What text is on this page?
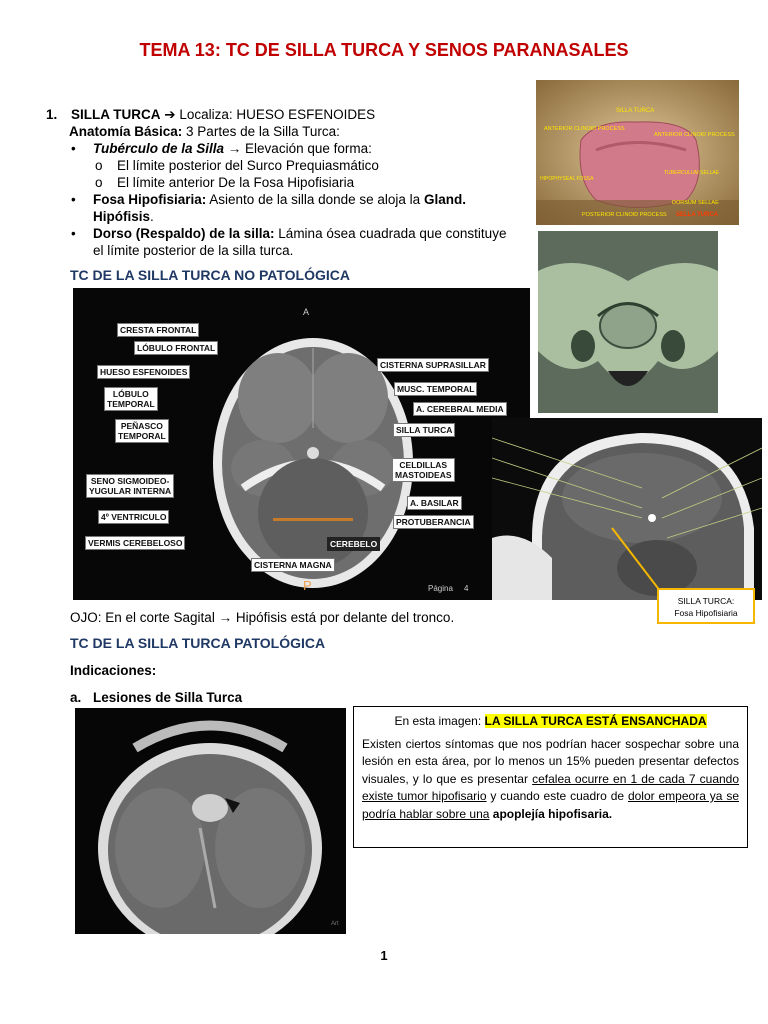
TEMA 13: TC DE SILLA TURCA Y SENOS PARANASALES
1. SILLA TURCA ➔ Localiza: HUESO ESFENOIDES
Anatomía Básica: 3 Partes de la Silla Turca:
• Tubérculo de la Silla → Elevación que forma:
o El límite posterior del Surco Prequiasmático
o El límite anterior De la Fosa Hipofisiaria
• Fosa Hipofisiaria: Asiento de la silla donde se aloja la Gland.
Hipófisis.
• Dorso (Respaldo) de la silla: Lámina ósea cuadrada que constituye
el límite posterior de la silla turca.
TC DE LA SILLA TURCA NO PATOLÓGICA
SILLA TURCA
ANTERIOR CLINOID PROCESS
ANTERIOR CLINOID PROCESS
HIPOPHYSEAL FOSSA
TUBERCULUM SELLAE
POSTERIOR CLINOID PROCESS
DORSUM SELLAE
SELLA TURCA
A
P	Página 4
CRESTA FRONTAL
LÓBULO FRONTAL
HUESO ESFENOIDES
LÓBULO
TEMPORAL
PEÑASCO
TEMPORAL
SENO SIGMOIDEO-
YUGULAR INTERNA
4º VENTRICULO
VERMIS CEREBELOSO
CISTERNA SUPRASILLAR
MUSC. TEMPORAL
A. CEREBRAL MEDIA
SILLA TURCA
CELDILLAS
MASTOIDEAS
A. BASILAR
PROTUBERANCIA
CEREBELO
CISTERNA MAGNA
SILLA TURCA:
Fosa Hipofisiaria
OJO: En el corte Sagital → Hipófisis está por delante del tronco.
TC DE LA SILLA TURCA PATOLÓGICA
Indicaciones:
a. Lesiones de Silla Turca
Art
En esta imagen: LA SILLA TURCA ESTÁ ENSANCHADA
Existen ciertos síntomas que nos podrían hacer sospechar sobre una lesión en esta área, por lo menos un 15% pueden presentar defectos visuales, y lo que es presentar cefalea ocurre en 1 de cada 7 cuando existe tumor hipofisario y cuando este cuadro de dolor empeora ya se podría hablar sobre una apoplejía hipofisaria.
1
